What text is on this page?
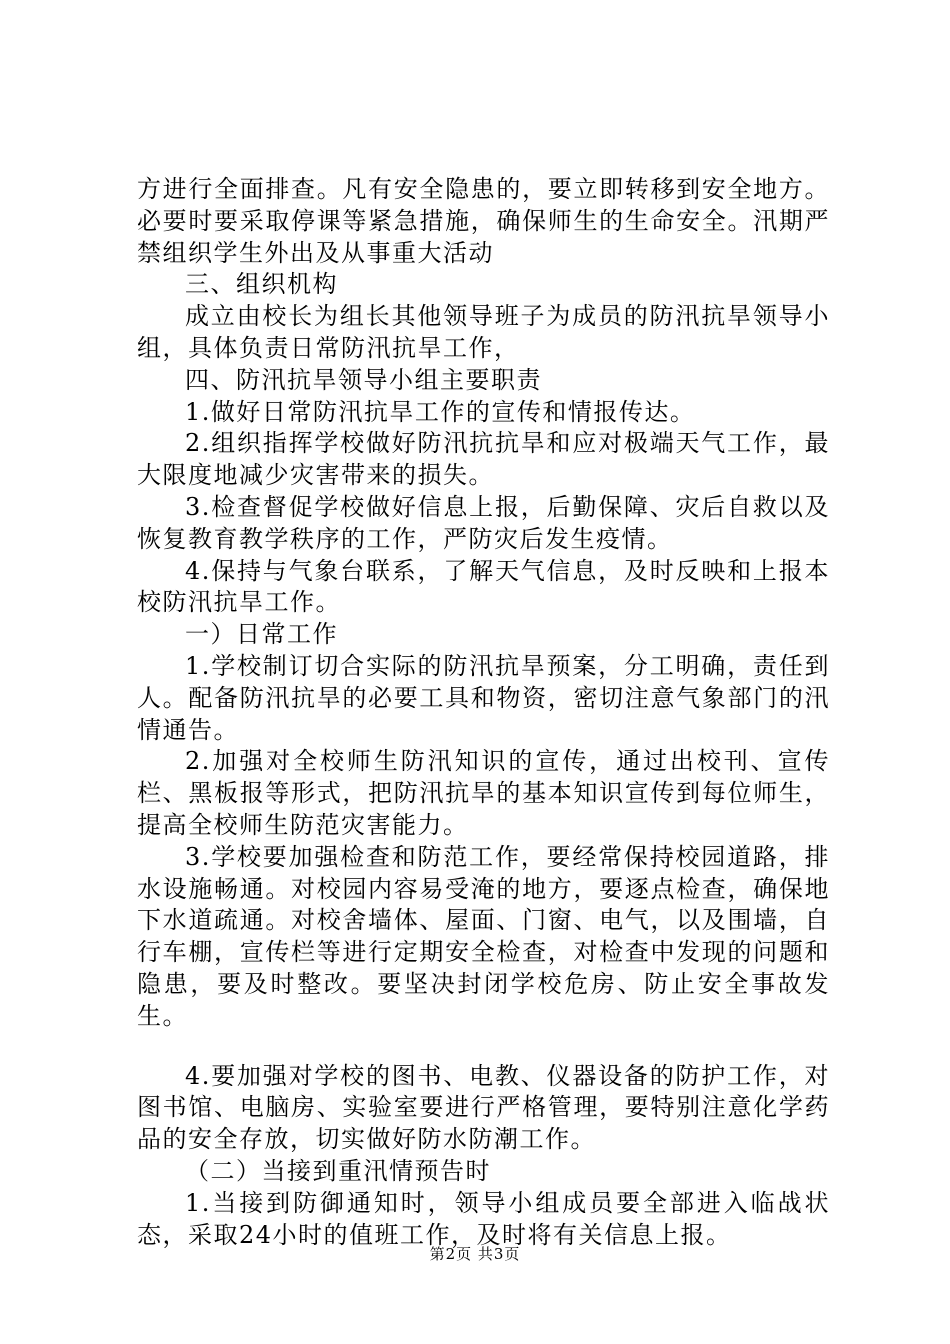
方进行全面排查。凡有安全隐患的，要立即转移到安全地方。必要时要采取停课等紧急措施，确保师生的生命安全。汛期严禁组织学生外出及从事重大活动

三、组织机构

成立由校长为组长其他领导班子为成员的防汛抗旱领导小组，具体负责日常防汛抗旱工作，

四、防汛抗旱领导小组主要职责

1.做好日常防汛抗旱工作的宣传和情报传达。

2.组织指挥学校做好防汛抗抗旱和应对极端天气工作，最大限度地减少灾害带来的损失。

3.检查督促学校做好信息上报，后勤保障、灾后自救以及恢复教育教学秩序的工作，严防灾后发生疫情。

4.保持与气象台联系，了解天气信息，及时反映和上报本校防汛抗旱工作。

一）日常工作

1.学校制订切合实际的防汛抗旱预案，分工明确，责任到人。配备防汛抗旱的必要工具和物资，密切注意气象部门的汛情通告。

2.加强对全校师生防汛知识的宣传，通过出校刊、宣传栏、黑板报等形式，把防汛抗旱的基本知识宣传到每位师生，提高全校师生防范灾害能力。

3.学校要加强检查和防范工作，要经常保持校园道路，排水设施畅通。对校园内容易受淹的地方，要逐点检查，确保地下水道疏通。对校舍墙体、屋面、门窗、电气，以及围墙，自行车棚，宣传栏等进行定期安全检查，对检查中发现的问题和隐患，要及时整改。要坚决封闭学校危房、防止安全事故发生。

4.要加强对学校的图书、电教、仪器设备的防护工作，对图书馆、电脑房、实验室要进行严格管理，要特别注意化学药品的安全存放，切实做好防水防潮工作。

（二）当接到重汛情预告时

1.当接到防御通知时，领导小组成员要全部进入临战状态，采取24小时的值班工作，及时将有关信息上报。

第2页 共3页
